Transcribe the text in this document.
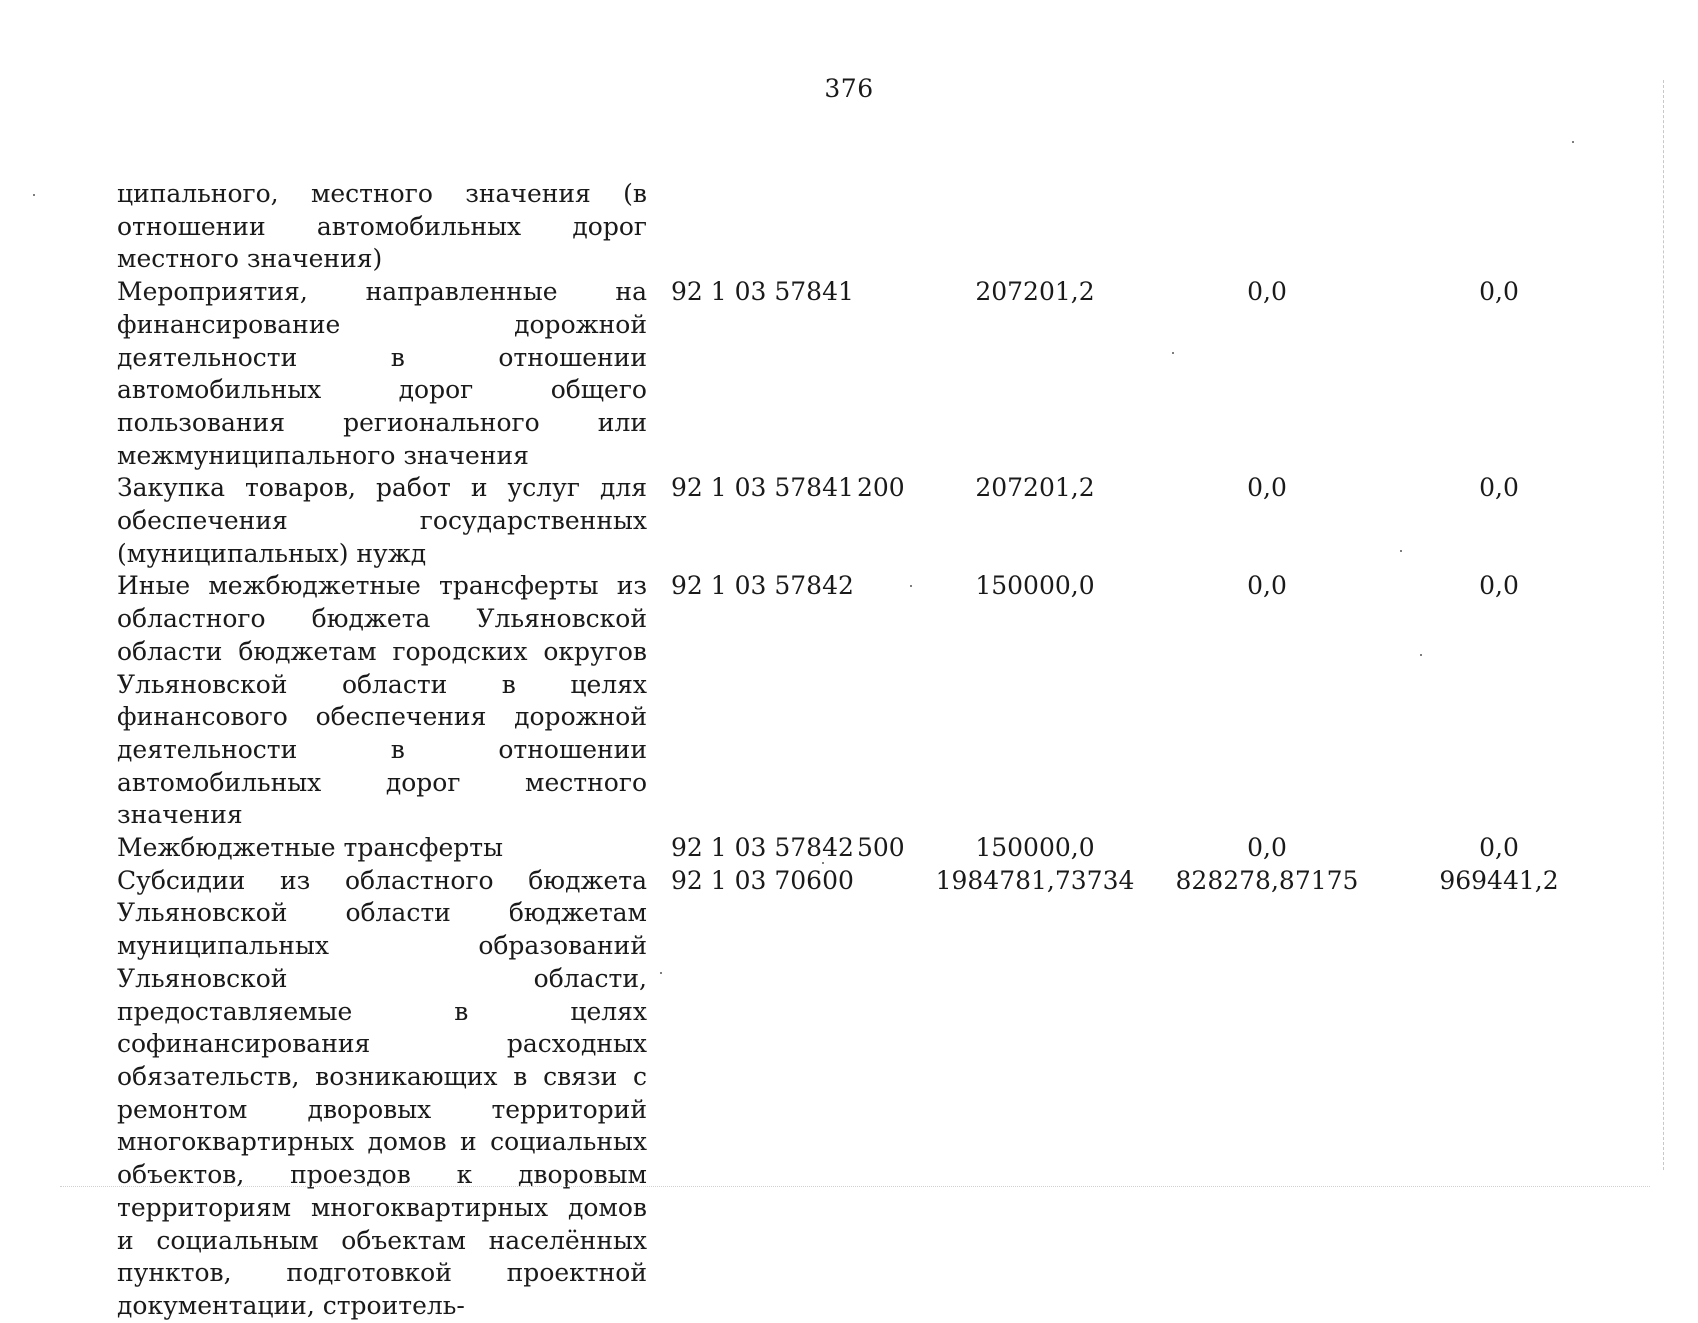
376
ципального, местного значения (в отношении автомобильных дорог местного значения)					
Мероприятия, направленные на финансирование дорожной деятельности в отношении автомобильных дорог общего пользования регионального или межмуниципального значения	92 1 03 57841		207201,2	0,0	0,0
Закупка товаров, работ и услуг для обеспечения государственных (муниципальных) нужд	92 1 03 57841	200	207201,2	0,0	0,0
Иные межбюджетные трансферты из областного бюджета Ульяновской области бюджетам городских округов Ульяновской области в целях финансового обеспечения дорожной деятельности в отношении автомобильных дорог местного значения	92 1 03 57842		150000,0	0,0	0,0
Межбюджетные трансферты	92 1 03 57842	500	150000,0	0,0	0,0
Субсидии из областного бюджета Ульяновской области бюджетам муниципальных образований Ульяновской области, предоставляемые в целях софинансирования расходных обязательств, возникающих в связи с ремонтом дворовых территорий многоквартирных домов и социальных объектов, проездов к дворовым территориям многоквартирных домов и социальным объектам населённых пунктов, подготовкой проектной документации, строитель-	92 1 03 70600		1984781,73734	828278,87175	969441,2
